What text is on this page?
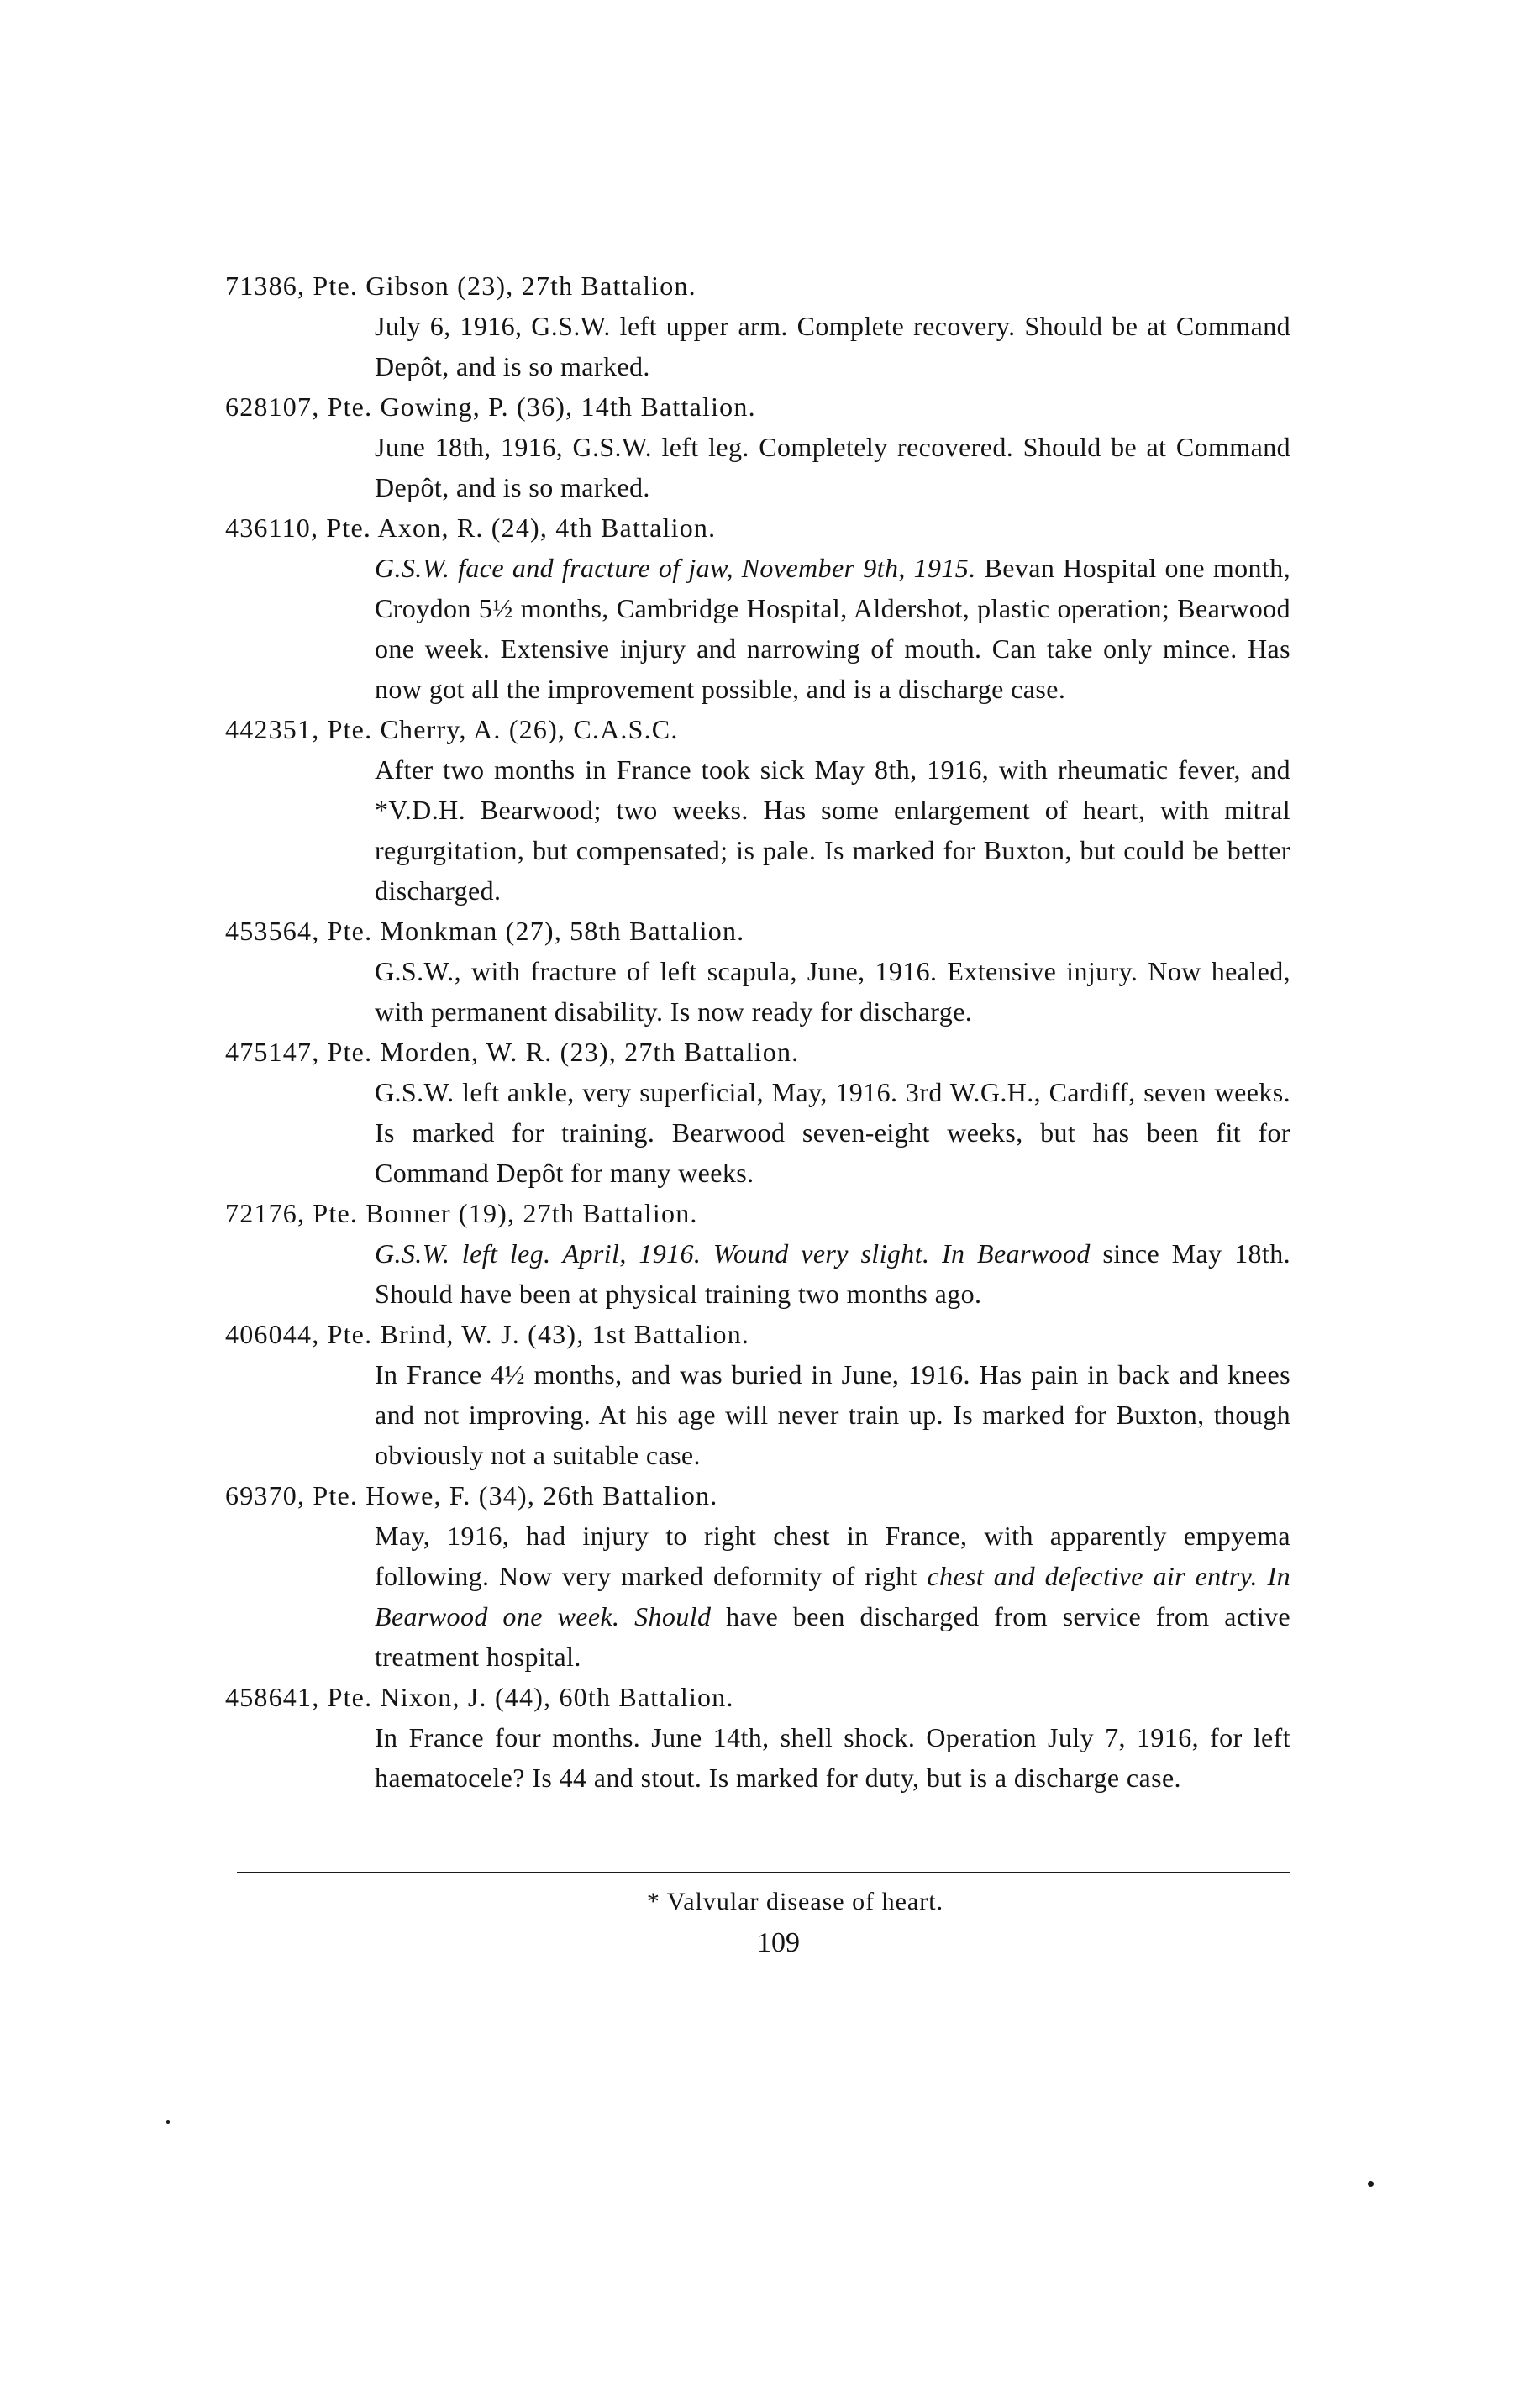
71386, Pte. Gibson (23), 27th Battalion.
July 6, 1916, G.S.W. left upper arm. Complete recovery. Should be at Command Depôt, and is so marked.
628107, Pte. Gowing, P. (36), 14th Battalion.
June 18th, 1916, G.S.W. left leg. Completely recovered. Should be at Command Depôt, and is so marked.
436110, Pte. Axon, R. (24), 4th Battalion.
G.S.W. face and fracture of jaw, November 9th, 1915. Bevan Hospital one month, Croydon 5½ months, Cambridge Hospital, Aldershot, plastic operation; Bearwood one week. Extensive injury and narrowing of mouth. Can take only mince. Has now got all the improvement possible, and is a discharge case.
442351, Pte. Cherry, A. (26), C.A.S.C.
After two months in France took sick May 8th, 1916, with rheumatic fever, and *V.D.H. Bearwood; two weeks. Has some enlargement of heart, with mitral regurgitation, but compensated; is pale. Is marked for Buxton, but could be better discharged.
453564, Pte. Monkman (27), 58th Battalion.
G.S.W., with fracture of left scapula, June, 1916. Extensive injury. Now healed, with permanent disability. Is now ready for discharge.
475147, Pte. Morden, W. R. (23), 27th Battalion.
G.S.W. left ankle, very superficial, May, 1916. 3rd W.G.H., Cardiff, seven weeks. Is marked for training. Bearwood seven-eight weeks, but has been fit for Command Depôt for many weeks.
72176, Pte. Bonner (19), 27th Battalion.
G.S.W. left leg. April, 1916. Wound very slight. In Bearwood since May 18th. Should have been at physical training two months ago.
406044, Pte. Brind, W. J. (43), 1st Battalion.
In France 4½ months, and was buried in June, 1916. Has pain in back and knees and not improving. At his age will never train up. Is marked for Buxton, though obviously not a suitable case.
69370, Pte. Howe, F. (34), 26th Battalion.
May, 1916, had injury to right chest in France, with apparently empyema following. Now very marked deformity of right chest and defective air entry. In Bearwood one week. Should have been discharged from service from active treatment hospital.
458641, Pte. Nixon, J. (44), 60th Battalion.
In France four months. June 14th, shell shock. Operation July 7, 1916, for left haematocele? Is 44 and stout. Is marked for duty, but is a discharge case.
* Valvular disease of heart.
109
